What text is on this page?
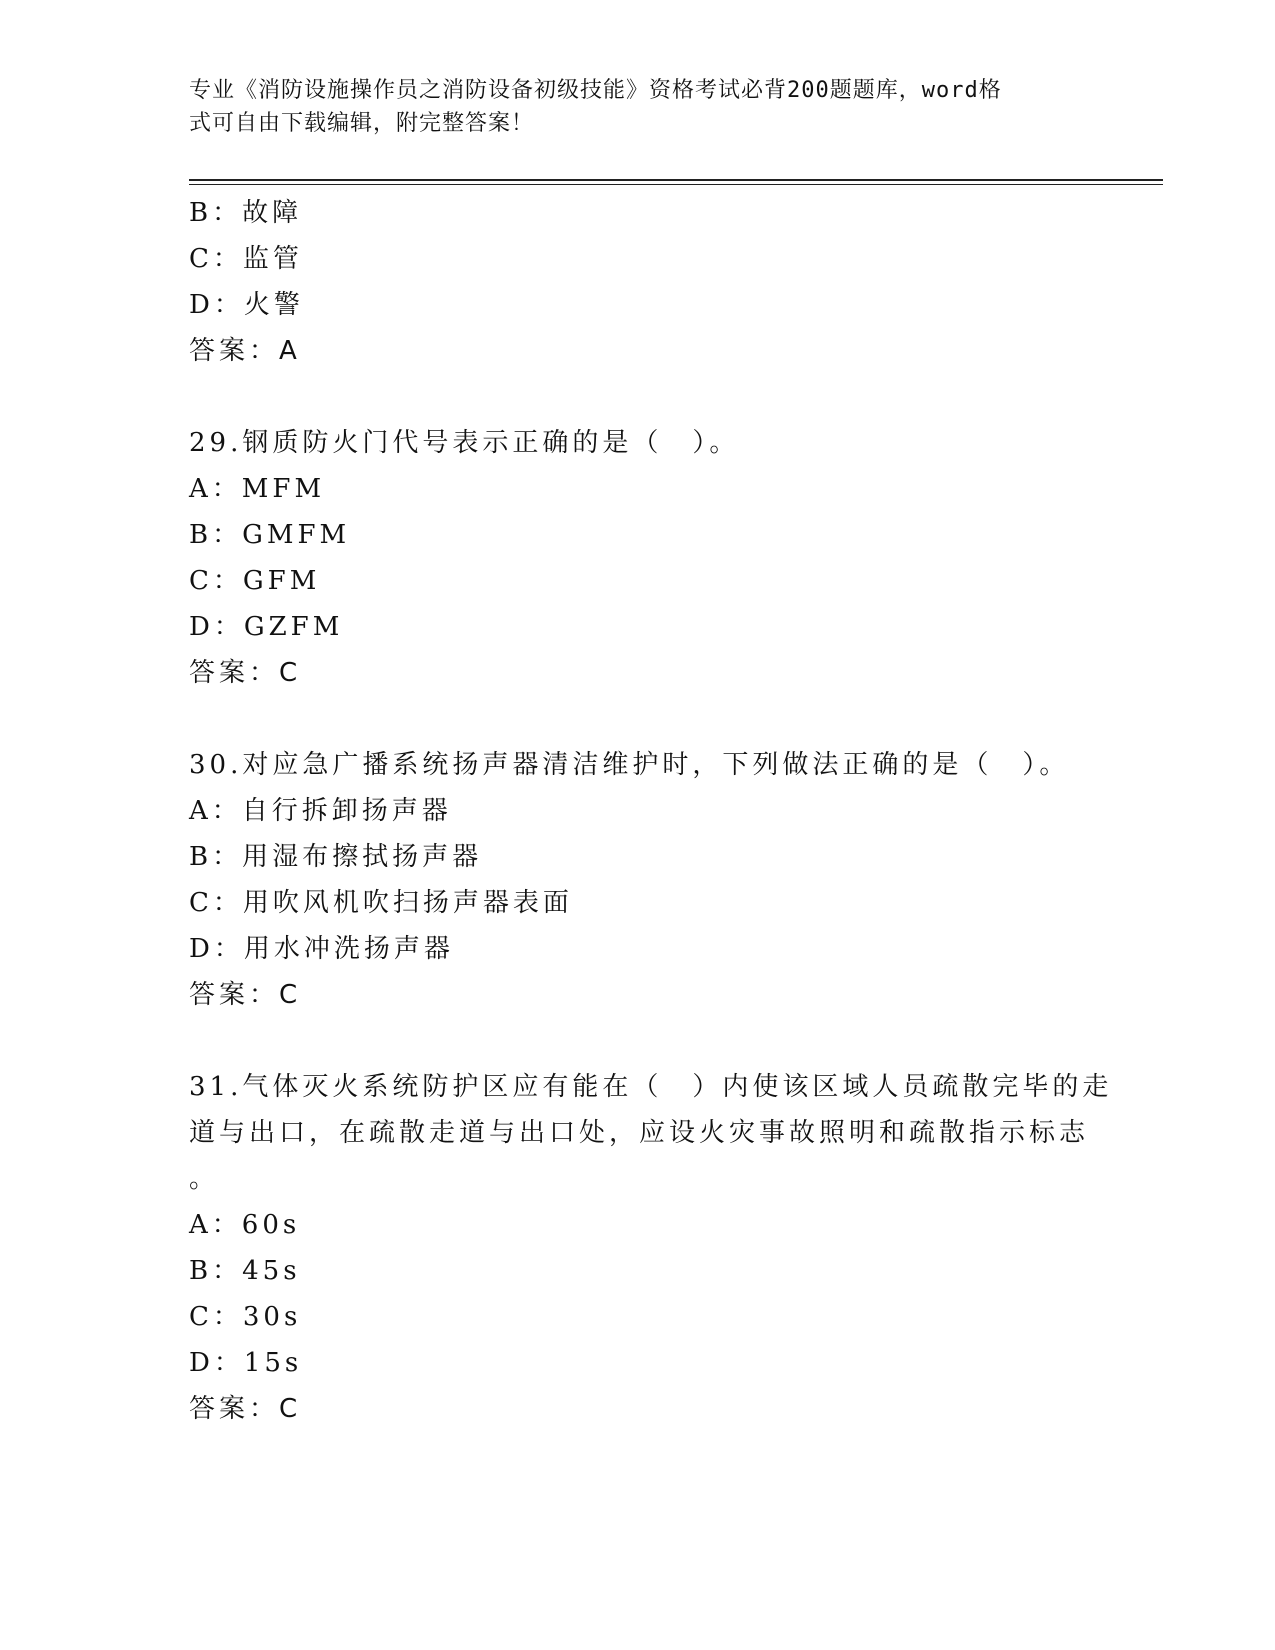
专业《消防设施操作员之消防设备初级技能》资格考试必背200题题库，word格
式可自由下载编辑，附完整答案！
B：故障
C：监管
D：火警
答案：A
29.钢质防火门代号表示正确的是（　）。
A：MFM
B：GMFM
C：GFM
D：GZFM
答案：C
30.对应急广播系统扬声器清洁维护时，下列做法正确的是（　）。
A：自行拆卸扬声器
B：用湿布擦拭扬声器
C：用吹风机吹扫扬声器表面
D：用水冲洗扬声器
答案：C
31.气体灭火系统防护区应有能在（　）内使该区域人员疏散完毕的走
道与出口，在疏散走道与出口处，应设火灾事故照明和疏散指示标志
。
A：60s
B：45s
C：30s
D：15s
答案：C
